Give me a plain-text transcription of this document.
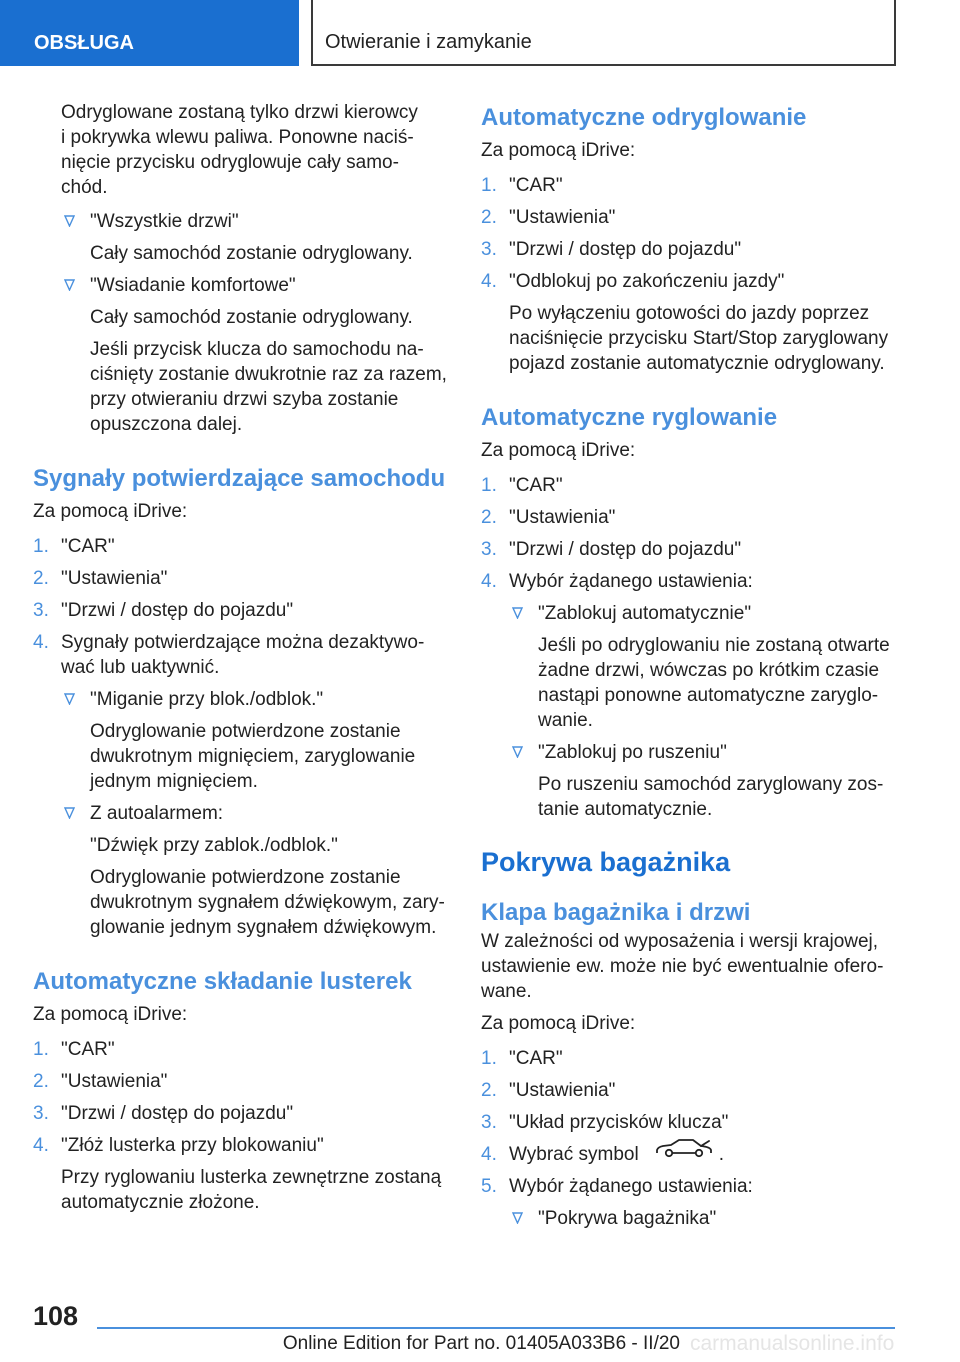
OBSŁUGA	Otwieranie i zamykanie
Odryglowane zostaną tylko drzwi kierowcy
i pokrywka wlewu paliwa. Ponowne naciś-
nięcie przycisku odryglowuje cały samo-
chód.
"Wszystkie drzwi"
Cały samochód zostanie odryglowany.
"Wsiadanie komfortowe"
Cały samochód zostanie odryglowany.
Jeśli przycisk klucza do samochodu na-
ciśnięty zostanie dwukrotnie raz za razem,
przy otwieraniu drzwi szyba zostanie
opuszczona dalej.
Sygnały potwierdzające samochodu
Za pomocą iDrive:
1. "CAR"
2. "Ustawienia"
3. "Drzwi / dostęp do pojazdu"
4. Sygnały potwierdzające można dezaktywo-
wać lub uaktywnić.
"Miganie przy blok./odblok."
Odryglowanie potwierdzone zostanie
dwukrotnym mignięciem, zaryglowanie
jednym mignięciem.
Z autoalarmem:
"Dźwięk przy zablok./odblok."
Odryglowanie potwierdzone zostanie
dwukrotnym sygnałem dźwiękowym, zary-
glowanie jednym sygnałem dźwiękowym.
Automatyczne składanie lusterek
Za pomocą iDrive:
1. "CAR"
2. "Ustawienia"
3. "Drzwi / dostęp do pojazdu"
4. "Złóż lusterka przy blokowaniu"
Przy ryglowaniu lusterka zewnętrzne zostaną
automatycznie złożone.
Automatyczne odryglowanie
Za pomocą iDrive:
1. "CAR"
2. "Ustawienia"
3. "Drzwi / dostęp do pojazdu"
4. "Odblokuj po zakończeniu jazdy"
Po wyłączeniu gotowości do jazdy poprzez
naciśnięcie przycisku Start/Stop zaryglowany
pojazd zostanie automatycznie odryglowany.
Automatyczne ryglowanie
Za pomocą iDrive:
1. "CAR"
2. "Ustawienia"
3. "Drzwi / dostęp do pojazdu"
4. Wybór żądanego ustawienia:
"Zablokuj automatycznie"
Jeśli po odryglowaniu nie zostaną otwarte
żadne drzwi, wówczas po krótkim czasie
nastąpi ponowne automatyczne zaryglo-
wanie.
"Zablokuj po ruszeniu"
Po ruszeniu samochód zaryglowany zos-
tanie automatycznie.
Pokrywa bagażnika
Klapa bagażnika i drzwi
W zależności od wyposażenia i wersji krajowej,
ustawienie ew. może nie być ewentualnie ofero-
wane.
Za pomocą iDrive:
1. "CAR"
2. "Ustawienia"
3. "Układ przycisków klucza"
4. Wybrać symbol	.
5. Wybór żądanego ustawienia:
"Pokrywa bagażnika"
108
Online Edition for Part no. 01405A033B6 - II/20 carmanualsonline.info
